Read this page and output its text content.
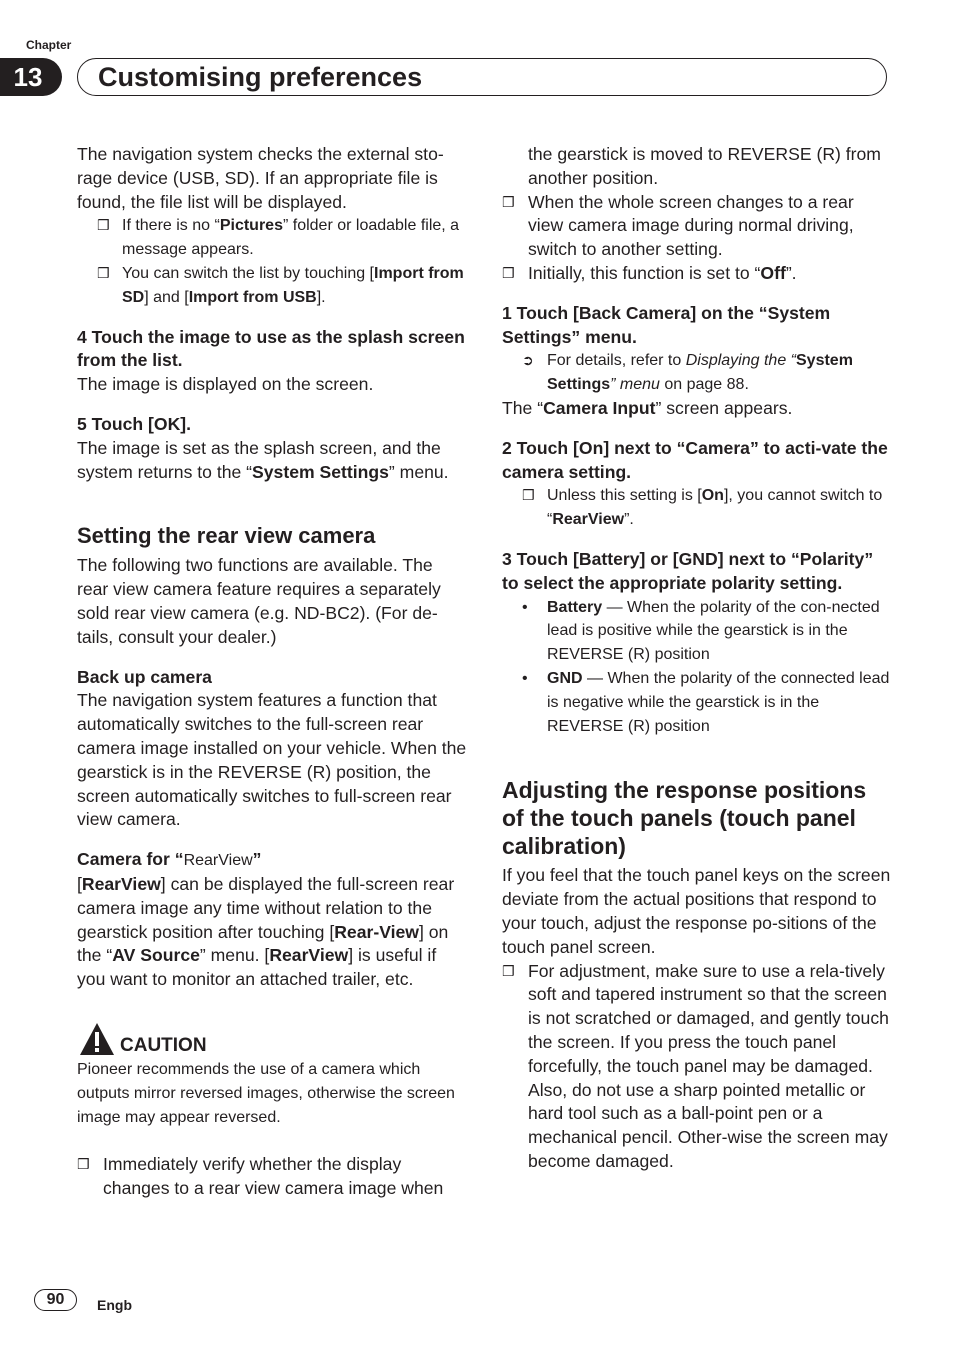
Chapter
13	Customising preferences

The navigation system checks the external sto-rage device (USB, SD). If an appropriate file is found, the file list will be displayed.

❒ If there is no “Pictures” folder or loadable file, a message appears.
❒ You can switch the list by touching [Import from SD] and [Import from USB].

4 Touch the image to use as the splash screen from the list.

The image is displayed on the screen.

5 Touch [OK].

The image is set as the splash screen, and the system returns to the “System Settings” menu.

Setting the rear view camera

The following two functions are available. The rear view camera feature requires a separately sold rear view camera (e.g. ND-BC2). (For de-tails, consult your dealer.)

Back up camera

The navigation system features a function that automatically switches to the full-screen rear camera image installed on your vehicle. When the gearstick is in the REVERSE (R) position, the screen automatically switches to full-screen rear view camera.

Camera for “RearView”

[RearView] can be displayed the full-screen rear camera image any time without relation to the gearstick position after touching [Rear-View] on the “AV Source” menu. [RearView] is useful if you want to monitor an attached trailer, etc.

CAUTION

Pioneer recommends the use of a camera which outputs mirror reversed images, otherwise the screen image may appear reversed.

❒ Immediately verify whether the display changes to a rear view camera image when

the gearstick is moved to REVERSE (R) from another position.

❒ When the whole screen changes to a rear view camera image during normal driving, switch to another setting.
❒ Initially, this function is set to “Off”.

1 Touch [Back Camera] on the “System Settings” menu.

➲ For details, refer to Displaying the “System Settings” menu on page 88.

The “Camera Input” screen appears.

2 Touch [On] next to “Camera” to acti-vate the camera setting.

❒ Unless this setting is [On], you cannot switch to “RearView”.

3 Touch [Battery] or [GND] next to “Polarity” to select the appropriate polarity setting.

• Battery — When the polarity of the con-nected lead is positive while the gearstick is in the REVERSE (R) position
• GND — When the polarity of the connected lead is negative while the gearstick is in the REVERSE (R) position

Adjusting the response positions of the touch panels (touch panel calibration)

If you feel that the touch panel keys on the screen deviate from the actual positions that respond to your touch, adjust the response po-sitions of the touch panel screen.

❒ For adjustment, make sure to use a rela-tively soft and tapered instrument so that the screen is not scratched or damaged, and gently touch the screen. If you press the touch panel forcefully, the touch panel may be damaged. Also, do not use a sharp pointed metallic or hard tool such as a ball-point pen or a mechanical pencil. Other-wise the screen may become damaged.
90	Engb
